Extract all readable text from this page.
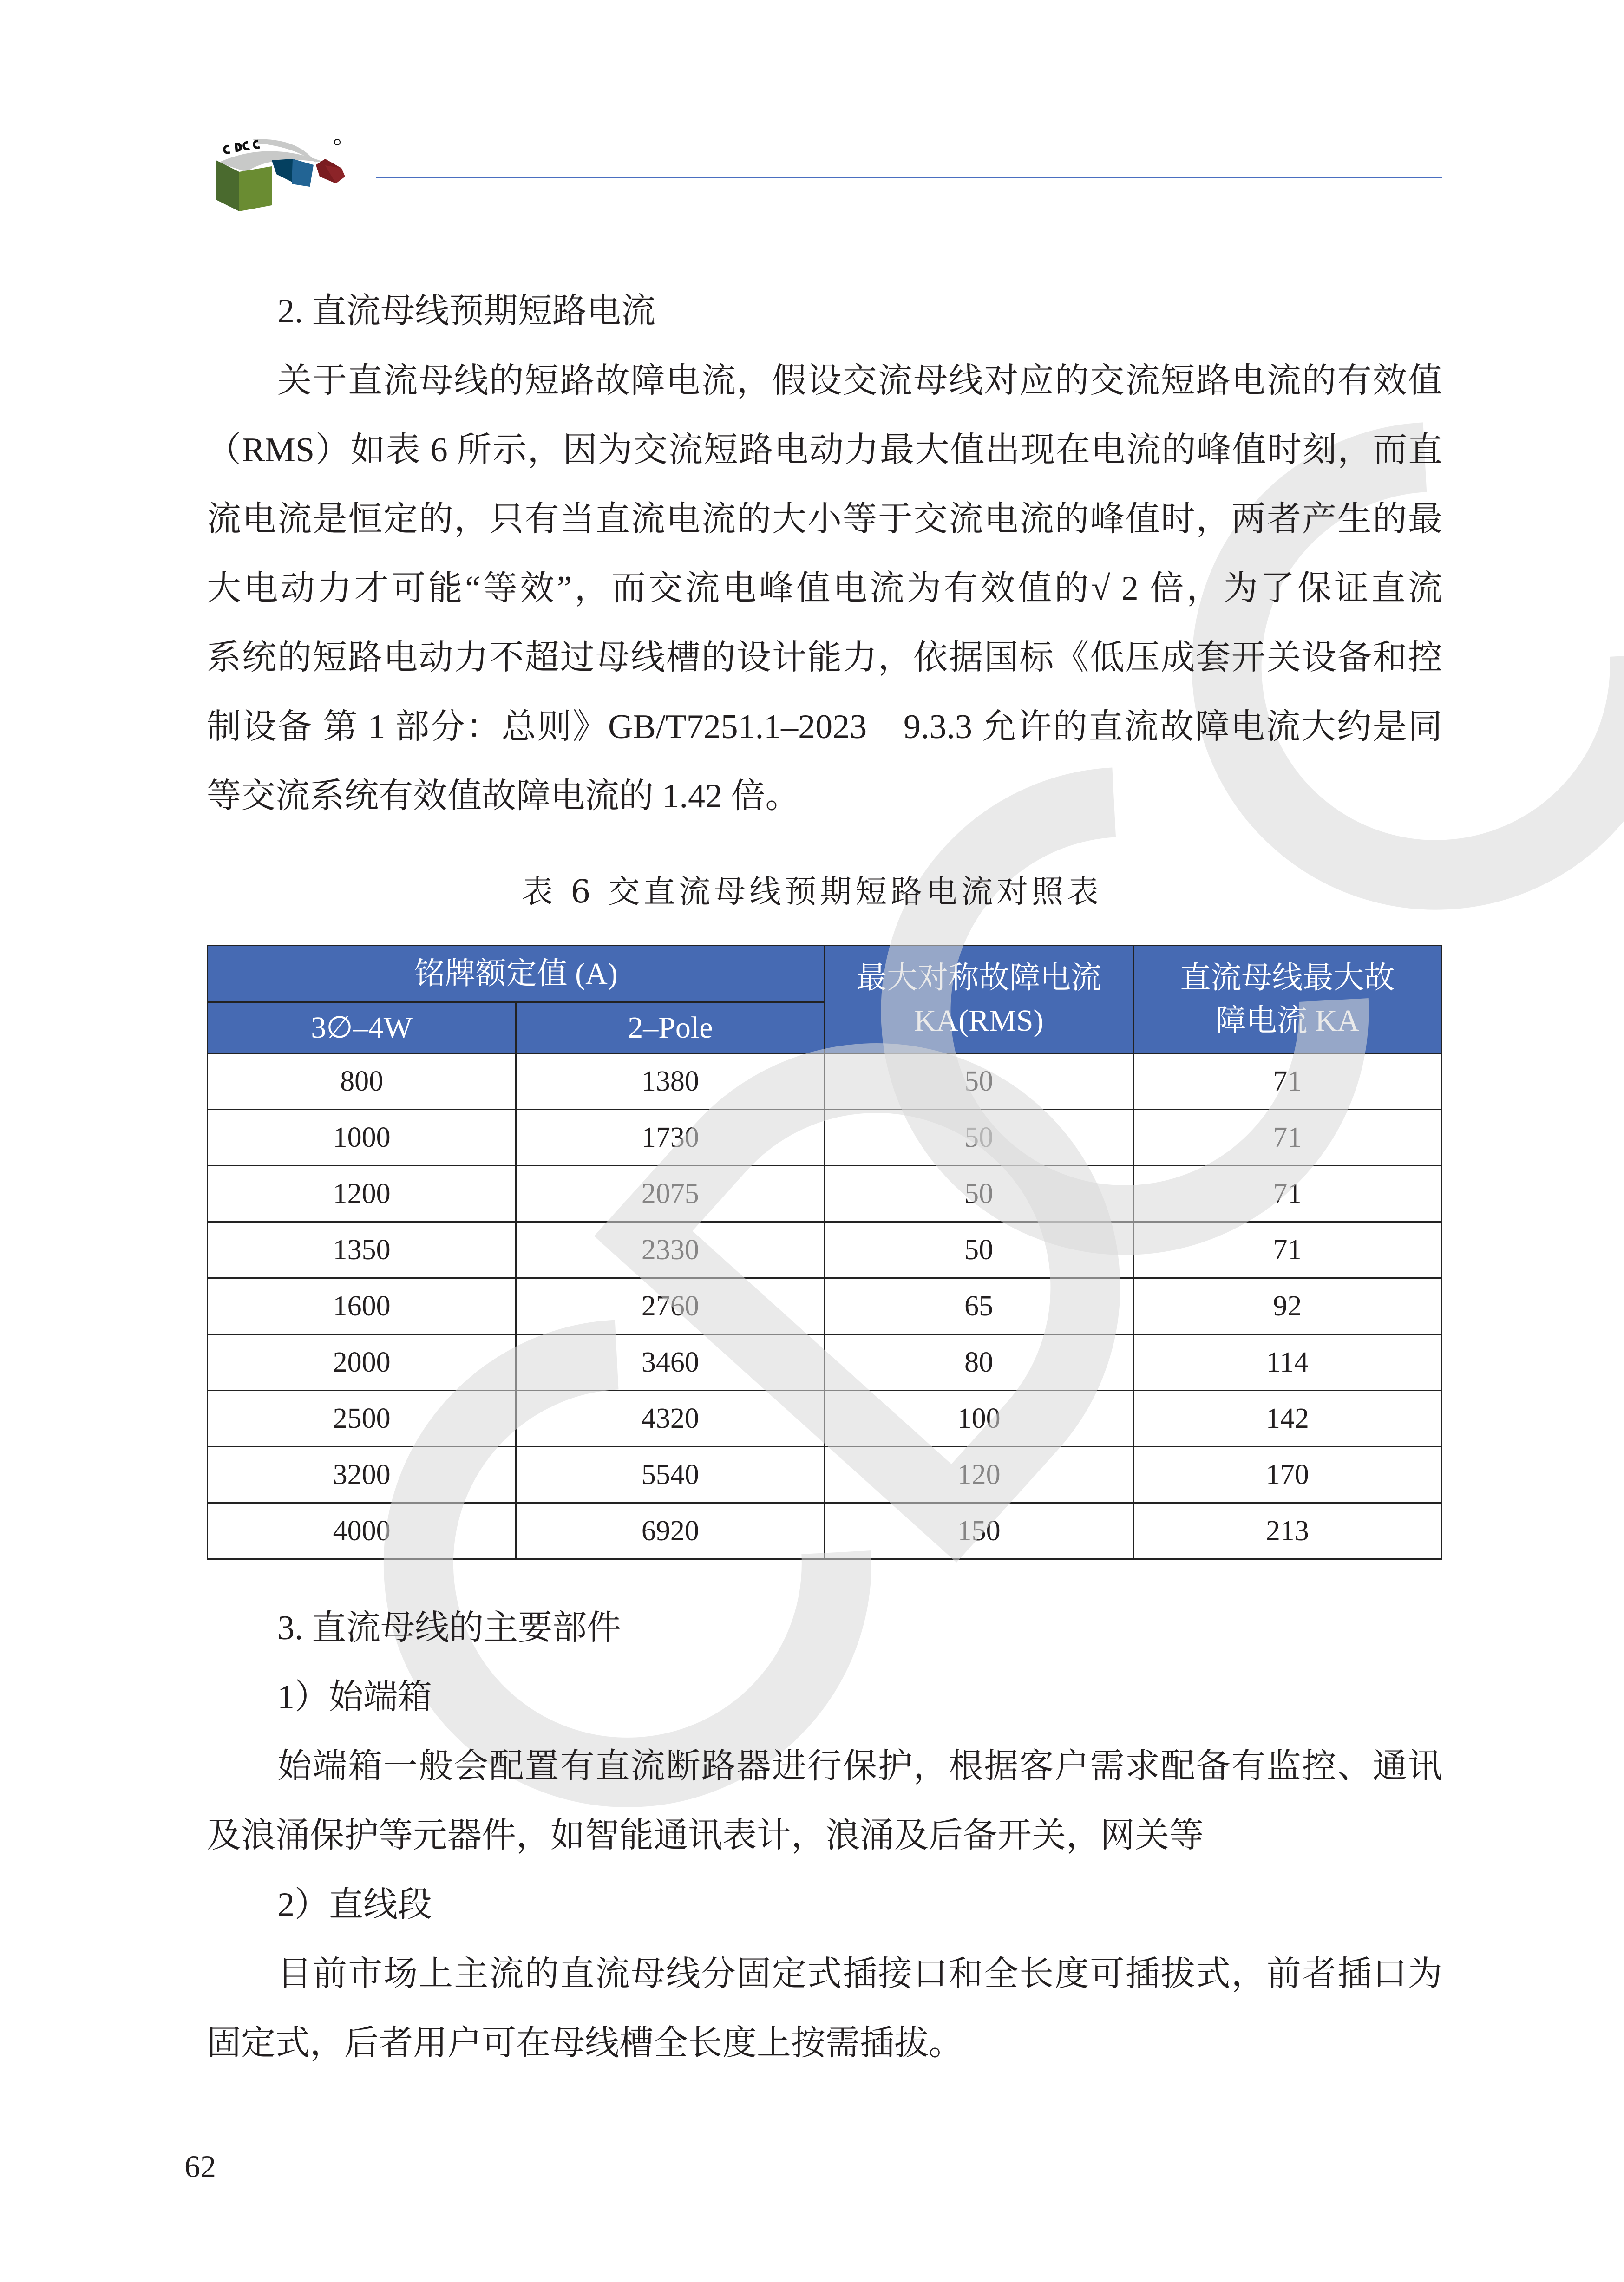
2. 直流母线预期短路电流
关于直流母线的短路故障电流，假设交流母线对应的交流短路电流的有效值
（RMS）如表 6 所示，因为交流短路电动力最大值出现在电流的峰值时刻，而直
流电流是恒定的，只有当直流电流的大小等于交流电流的峰值时，两者产生的最
大电动力才可能“等效”，而交流电峰值电流为有效值的√ 2 倍，为了保证直流
系统的短路电动力不超过母线槽的设计能力，依据国标《低压成套开关设备和控
制设备 第 1 部分：总则》GB/T7251.1–2023　9.3.3 允许的直流故障电流大约是同
等交流系统有效值故障电流的 1.42 倍。
表 6 交直流母线预期短路电流对照表
铭牌额定值 (A)		最大对称故障电流 KA(RMS)	直流母线最大故障电流 KA
3∅–4W	2–Pole		
800	1380	50	71
1000	1730	50	71
1200	2075	50	71
1350	2330	50	71
1600	2760	65	92
2000	3460	80	114
2500	4320	100	142
3200	5540	120	170
4000	6920	150	213
3. 直流母线的主要部件
1）始端箱
始端箱一般会配置有直流断路器进行保护，根据客户需求配备有监控、通讯
及浪涌保护等元器件，如智能通讯表计，浪涌及后备开关，网关等
2）直线段
目前市场上主流的直流母线分固定式插接口和全长度可插拔式，前者插口为
固定式，后者用户可在母线槽全长度上按需插拔。
62
